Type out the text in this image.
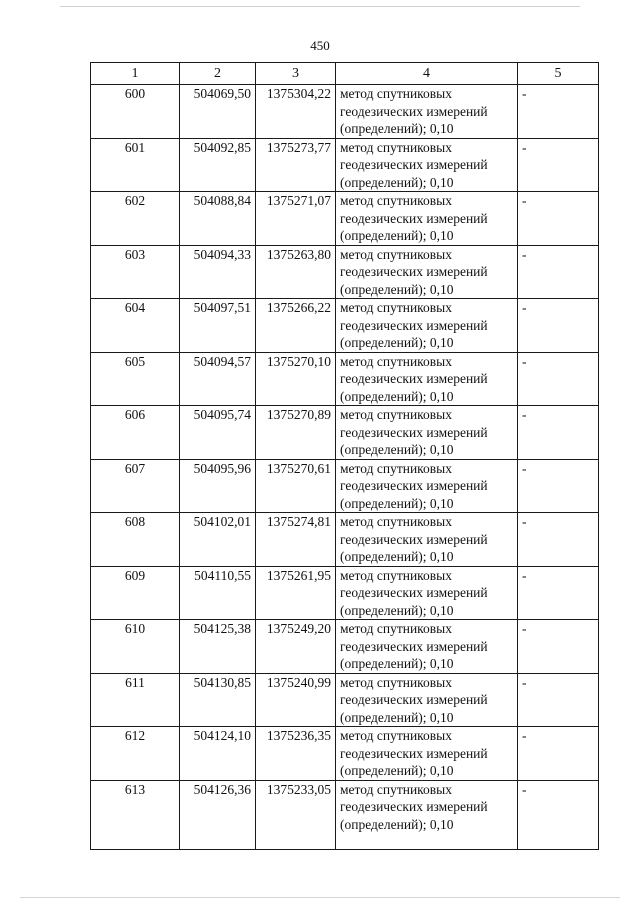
450
1	2	3	4	5
600	504069,50	1375304,22	метод спутниковых геодезических измерений (определений); 0,10	-
601	504092,85	1375273,77	метод спутниковых геодезических измерений (определений); 0,10	-
602	504088,84	1375271,07	метод спутниковых геодезических измерений (определений); 0,10	-
603	504094,33	1375263,80	метод спутниковых геодезических измерений (определений); 0,10	-
604	504097,51	1375266,22	метод спутниковых геодезических измерений (определений); 0,10	-
605	504094,57	1375270,10	метод спутниковых геодезических измерений (определений); 0,10	-
606	504095,74	1375270,89	метод спутниковых геодезических измерений (определений); 0,10	-
607	504095,96	1375270,61	метод спутниковых геодезических измерений (определений); 0,10	-
608	504102,01	1375274,81	метод спутниковых геодезических измерений (определений); 0,10	-
609	504110,55	1375261,95	метод спутниковых геодезических измерений (определений); 0,10	-
610	504125,38	1375249,20	метод спутниковых геодезических измерений (определений); 0,10	-
611	504130,85	1375240,99	метод спутниковых геодезических измерений (определений); 0,10	-
612	504124,10	1375236,35	метод спутниковых геодезических измерений (определений); 0,10	-
613	504126,36	1375233,05	метод спутниковых геодезических измерений (определений); 0,10	-
